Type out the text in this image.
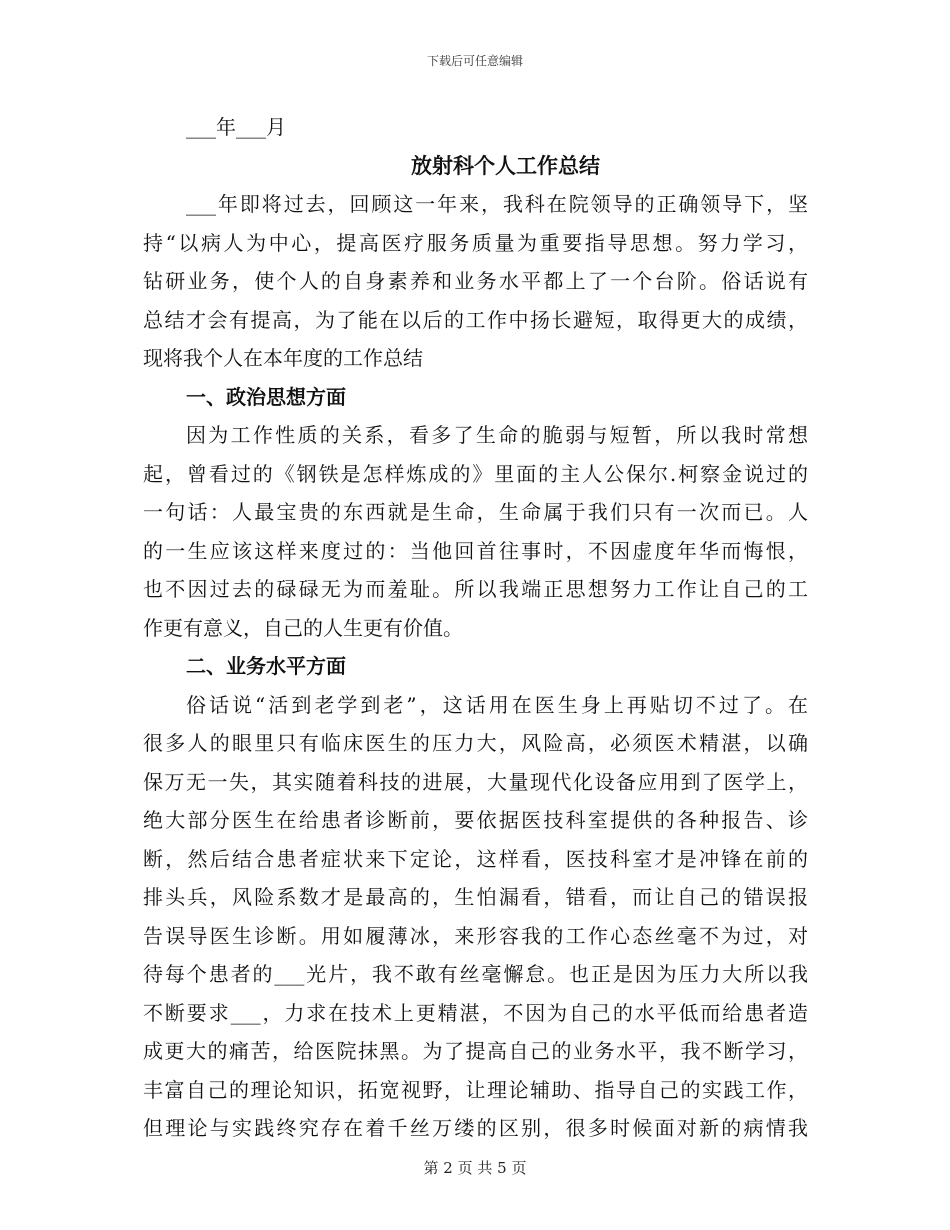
下载后可任意编辑
___年___月
放射科个人工作总结
___年即将过去，回顾这一年来，我科在院领导的正确领导下，坚
持“以病人为中心，提高医疗服务质量为重要指导思想。努力学习，
钻研业务，使个人的自身素养和业务水平都上了一个台阶。俗话说有
总结才会有提高，为了能在以后的工作中扬长避短，取得更大的成绩，
现将我个人在本年度的工作总结
一、政治思想方面
因为工作性质的关系，看多了生命的脆弱与短暂，所以我时常想
起，曾看过的《钢铁是怎样炼成的》里面的主人公保尔.柯察金说过的
一句话：人最宝贵的东西就是生命，生命属于我们只有一次而已。人
的一生应该这样来度过的：当他回首往事时，不因虚度年华而悔恨，
也不因过去的碌碌无为而羞耻。所以我端正思想努力工作让自己的工
作更有意义，自己的人生更有价值。
二、业务水平方面
俗话说“活到老学到老”，这话用在医生身上再贴切不过了。在
很多人的眼里只有临床医生的压力大，风险高，必须医术精湛，以确
保万无一失，其实随着科技的进展，大量现代化设备应用到了医学上，
绝大部分医生在给患者诊断前，要依据医技科室提供的各种报告、诊
断，然后结合患者症状来下定论，这样看，医技科室才是冲锋在前的
排头兵，风险系数才是最高的，生怕漏看，错看，而让自己的错误报
告误导医生诊断。用如履薄冰，来形容我的工作心态丝毫不为过，对
待每个患者的___光片，我不敢有丝毫懈怠。也正是因为压力大所以我
不断要求___，力求在技术上更精湛，不因为自己的水平低而给患者造
成更大的痛苦，给医院抹黑。为了提高自己的业务水平，我不断学习，
丰富自己的理论知识，拓宽视野，让理论辅助、指导自己的实践工作，
但理论与实践终究存在着千丝万缕的区别，很多时候面对新的病情我
第 2 页 共 5 页
